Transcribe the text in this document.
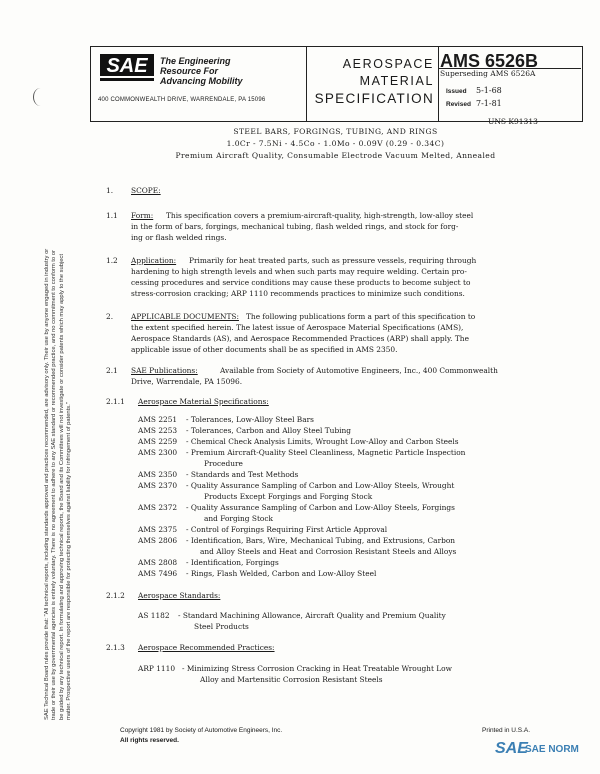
SAE The Engineering
Resource For
Advancing Mobility
400 COMMONWEALTH DRIVE, WARRENDALE, PA 15096
AEROSPACE
MATERIAL
SPECIFICATION
AMS 6526B
Superseding AMS 6526A
Issued 5-1-68
Revised 7-1-81
UNS K91313
STEEL BARS, FORGINGS, TUBING, AND RINGS
1.0Cr - 7.5Ni - 4.5Co - 1.0Mo - 0.09V (0.29 - 0.34C)
Premium Aircraft Quality, Consumable Electrode Vacuum Melted, Annealed
1. SCOPE:
1.1 Form: This specification covers a premium-aircraft-quality, high-strength, low-alloy steel
in the form of bars, forgings, mechanical tubing, flash welded rings, and stock for forg-
ing or flash welded rings.
1.2 Application: Primarily for heat treated parts, such as pressure vessels, requiring through
hardening to high strength levels and when such parts may require welding. Certain pro-
cessing procedures and service conditions may cause these products to become subject to
stress-corrosion cracking; ARP 1110 recommends practices to minimize such conditions.
2. APPLICABLE DOCUMENTS: The following publications form a part of this specification to
the extent specified herein. The latest issue of Aerospace Material Specifications (AMS),
Aerospace Standards (AS), and Aerospace Recommended Practices (ARP) shall apply. The
applicable issue of other documents shall be as specified in AMS 2350.
2.1 SAE Publications:	Available from Society of Automotive Engineers, Inc., 400 Commonwealth
Drive, Warrendale, PA 15096.
2.1.1 Aerospace Material Specifications:
AMS 2251 - Tolerances, Low-Alloy Steel Bars
AMS 2253 - Tolerances, Carbon and Alloy Steel Tubing
AMS 2259 - Chemical Check Analysis Limits, Wrought Low-Alloy and Carbon Steels
AMS 2300 - Premium Aircraft-Quality Steel Cleanliness, Magnetic Particle Inspection
Procedure
AMS 2350 - Standards and Test Methods
AMS 2370 - Quality Assurance Sampling of Carbon and Low-Alloy Steels, Wrought
Products Except Forgings and Forging Stock
AMS 2372 - Quality Assurance Sampling of Carbon and Low-Alloy Steels, Forgings
and Forging Stock
AMS 2375 - Control of Forgings Requiring First Article Approval
AMS 2806 - Identification, Bars, Wire, Mechanical Tubing, and Extrusions, Carbon
and Alloy Steels and Heat and Corrosion Resistant Steels and Alloys
AMS 2808 - Identification, Forgings
AMS 7496 - Rings, Flash Welded, Carbon and Low-Alloy Steel
2.1.2 Aerospace Standards:
AS 1182 - Standard Machining Allowance, Aircraft Quality and Premium Quality
Steel Products
2.1.3 Aerospace Recommended Practices:
ARP 1110 - Minimizing Stress Corrosion Cracking in Heat Treatable Wrought Low
Alloy and Martensitic Corrosion Resistant Steels
SAE Technical Board rules provide that: "All technical reports, including standards approved and practices recommended, are advisory only. Their use by anyone engaged in industry or trade or their use by governmental agencies is entirely voluntary. There is no agreement to adhere to any SAE standard or recommended practice, and no commitment to conform to or be guided by any technical report. In formulating and approving technical reports, the Board and its Committees will not investigate or consider patents which may apply to the subject matter. Prospective users of the report are responsible for protecting themselves against liability for infringement of patents."
Copyright 1981 by Society of Automotive Engineers, Inc.
All rights reserved.
Printed in U.S.A.
SAE
SAE NORM
